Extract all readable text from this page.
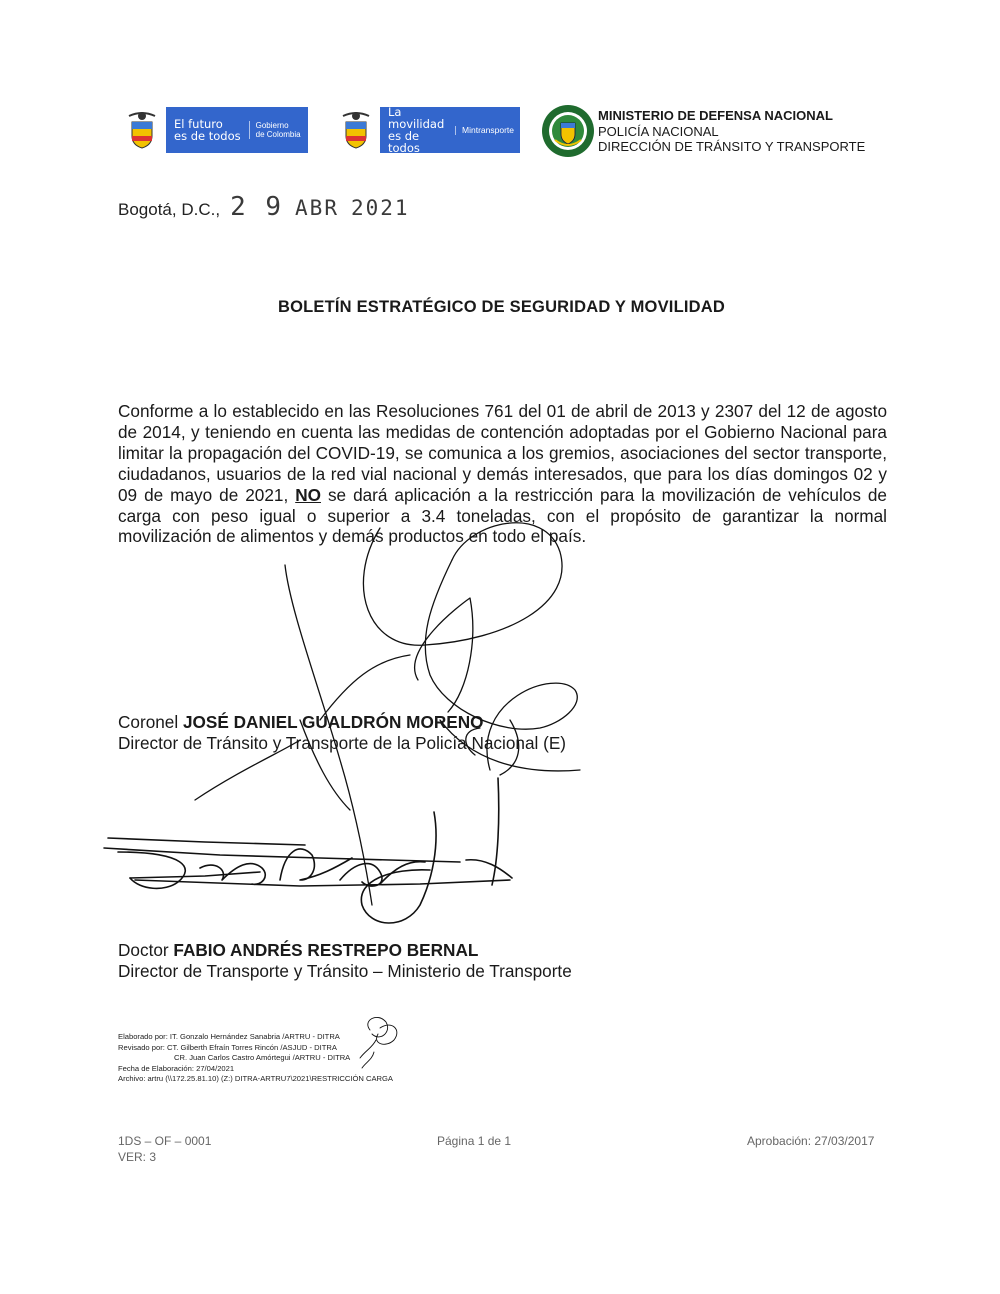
El futuro
es de todos
Gobierno
de Colombia
La movilidad
es de todos
Mintransporte
MINISTERIO DE DEFENSA NACIONAL
POLICÍA NACIONAL
DIRECCIÓN DE TRÁNSITO Y TRANSPORTE
Bogotá, D.C., 2 9 ABR 2021
BOLETÍN ESTRATÉGICO DE SEGURIDAD Y MOVILIDAD
Conforme a lo establecido en las Resoluciones 761 del 01 de abril de 2013 y 2307 del 12 de agosto de 2014, y teniendo en cuenta las medidas de contención adoptadas por el Gobierno Nacional para limitar la propagación del COVID-19, se comunica a los gremios, asociaciones del sector transporte, ciudadanos, usuarios de la red vial nacional y demás interesados, que para los días domingos 02 y 09 de mayo de 2021, NO se dará aplicación a la restricción para la movilización de vehículos de carga con peso igual o superior a 3.4 toneladas, con el propósito de garantizar la normal movilización de alimentos y demás productos en todo el país.
Coronel JOSÉ DANIEL GUALDRÓN MORENO
Director de Tránsito y Transporte de la Policía Nacional (E)
Doctor FABIO ANDRÉS RESTREPO BERNAL
Director de Transporte y Tránsito – Ministerio de Transporte
Elaborado por: IT. Gonzalo Hernández Sanabria /ARTRU - DITRA
Revisado por: CT. Gilberth Efraín Torres Rincón /ASJUD - DITRA
CR. Juan Carlos Castro Amórtegui /ARTRU - DITRA
Fecha de Elaboración: 27/04/2021
Archivo: artru (\\172.25.81.10) (Z:) DITRA-ARTRU7\2021\RESTRICCIÓN CARGA
1DS – OF – 0001
VER: 3
Página 1 de 1	Aprobación: 27/03/2017
